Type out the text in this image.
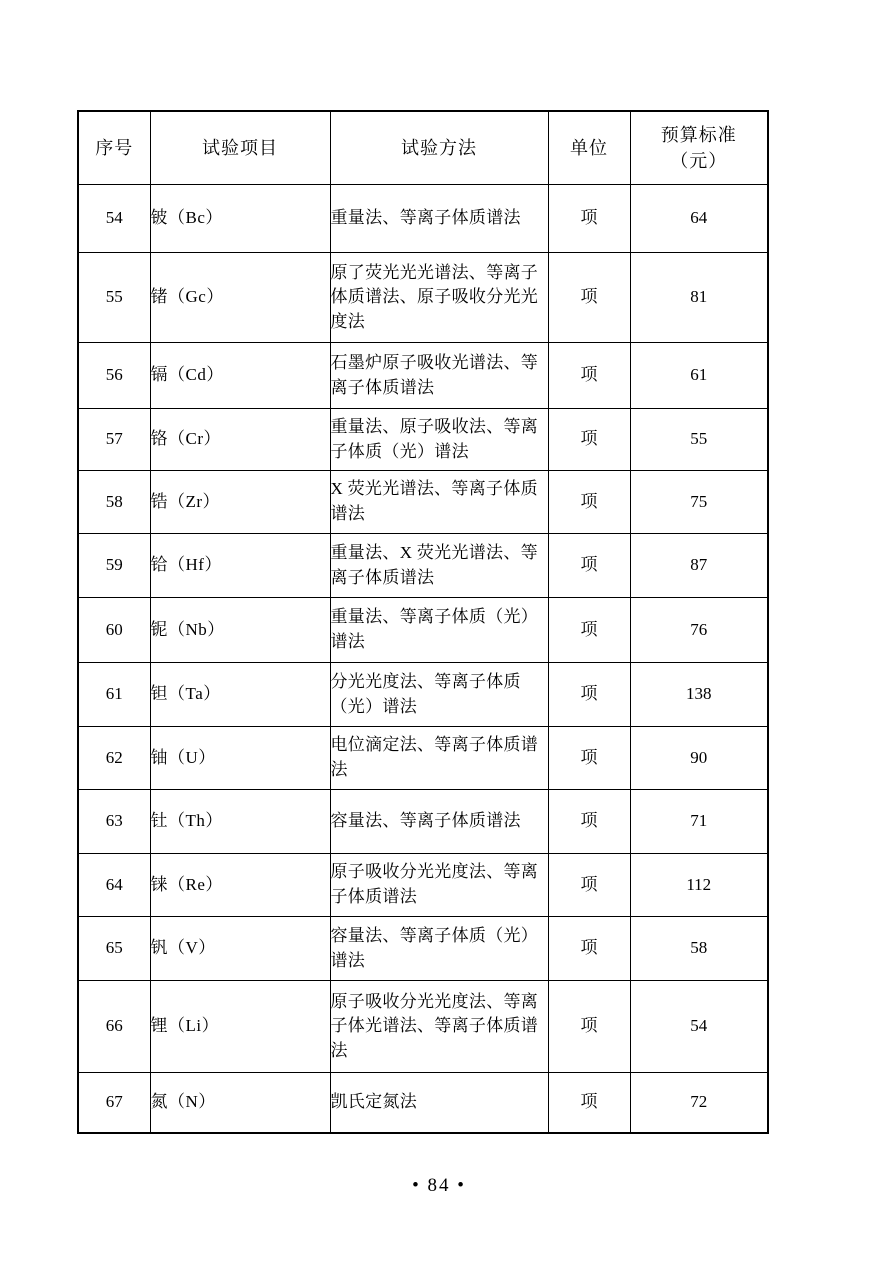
序号	试验项目	试验方法	单位	预算标准
（元）

54	铍（Bc）	重量法、等离子体质谱法	项	64
55	锗（Gc）	原了荧光光光谱法、等离子体质谱法、原子吸收分光光度法	项	81
56	镉（Cd）	石墨炉原子吸收光谱法、等离子体质谱法	项	61
57	铬（Cr）	重量法、原子吸收法、等离子体质（光）谱法	项	55
58	锆（Zr）	X 荧光光谱法、等离子体质谱法	项	75
59	铪（Hf）	重量法、X 荧光光谱法、等离子体质谱法	项	87
60	铌（Nb）	重量法、等离子体质（光）谱法	项	76
61	钽（Ta）	分光光度法、等离子体质（光）谱法	项	138
62	铀（U）	电位滴定法、等离子体质谱法	项	90
63	钍（Th）	容量法、等离子体质谱法	项	71
64	铼（Re）	原子吸收分光光度法、等离子体质谱法	项	112
65	钒（V）	容量法、等离子体质（光）谱法	项	58
66	锂（Li）	原子吸收分光光度法、等离子体光谱法、等离子体质谱法	项	54
67	氮（N）	凯氏定氮法	项	72
• 84 •
